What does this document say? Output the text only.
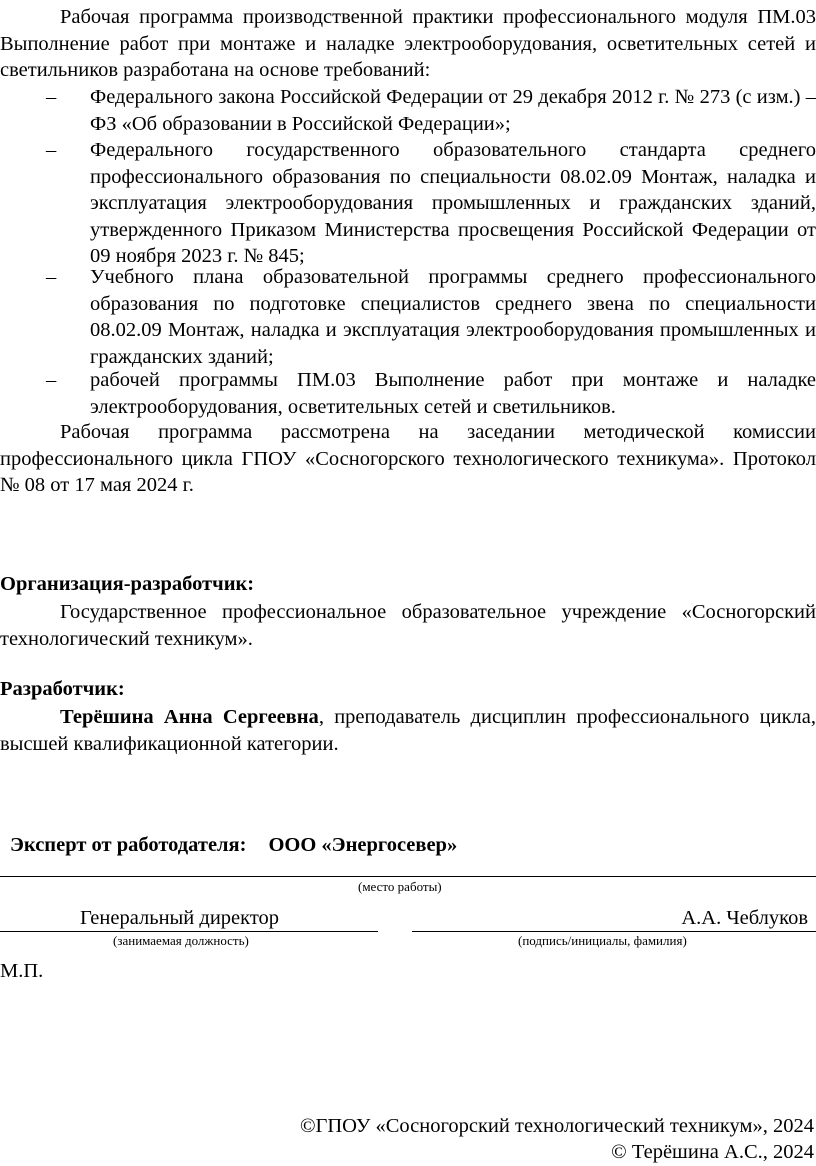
Рабочая программа производственной практики профессионального модуля ПМ.03 Выполнение работ при монтаже и наладке электрооборудования, осветительных сетей и светильников разработана на основе требований:

–	Федерального закона Российской Федерации от 29 декабря 2012 г. № 273 (с изм.) – ФЗ «Об образовании в Российской Федерации»;
–	Федерального государственного образовательного стандарта среднего профессионального образования по специальности 08.02.09 Монтаж, наладка и эксплуатация электрооборудования промышленных и гражданских зданий, утвержденного Приказом Министерства просвещения Российской Федерации от 09 ноября 2023 г. № 845;
–	Учебного плана образовательной программы среднего профессионального образования по подготовке специалистов среднего звена по специальности 08.02.09 Монтаж, наладка и эксплуатация электрооборудования промышленных и гражданских зданий;
–	рабочей программы ПМ.03 Выполнение работ при монтаже и наладке электрооборудования, осветительных сетей и светильников.

Рабочая программа рассмотрена на заседании методической комиссии профессионального цикла ГПОУ «Сосногорского технологического техникума». Протокол № 08 от 17 мая 2024 г.

Организация-разработчик:

Государственное профессиональное образовательное учреждение «Сосногорский технологический техникум».

Разработчик:

Терёшина Анна Сергеевна, преподаватель дисциплин профессионального цикла, высшей квалификационной категории.

Эксперт от работодателя: ООО «Энергосевер»

(место работы)
Генеральный директор
(занимаемая должность)
А.А. Чеблуков
(подпись/инициалы, фамилия)
М.П.
©ГПОУ «Сосногорский технологический техникум», 2024
© Терёшина А.С., 2024
